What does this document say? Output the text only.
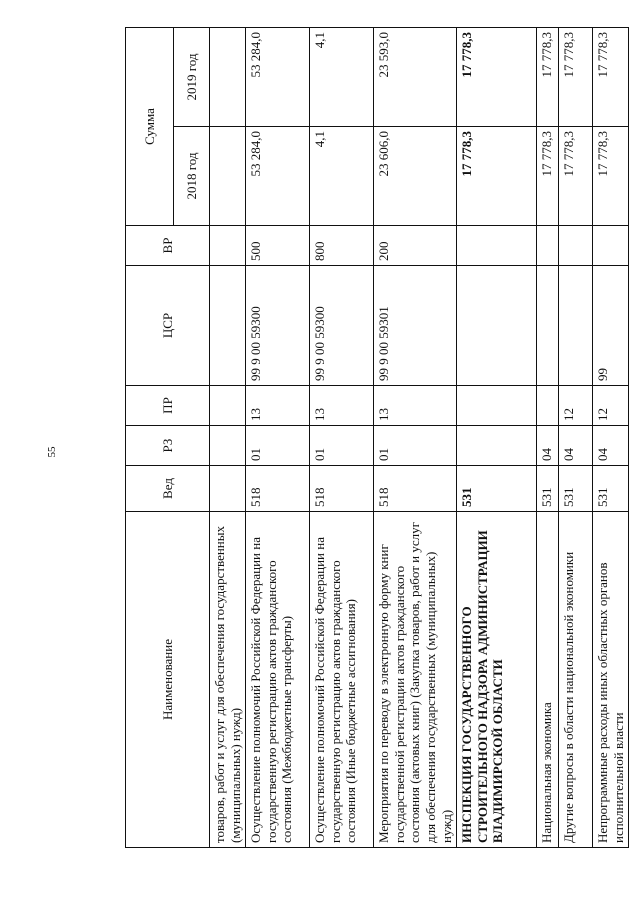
55
Наименование	Вед	РЗ	ПР	ЦСР	ВР	Сумма	
						2018 год	2019 год
товаров, работ и услуг для обеспечения государственных (муниципальных) нужд)							
Осуществление полномочий Российской Федерации на государственную регистрацию актов гражданского состояния (Межбюджетные трансферты)	518	01	13	99 9 00 59300	500	53 284,0	53 284,0
Осуществление полномочий Российской Федерации на государственную регистрацию актов гражданского состояния (Иные бюджетные ассигнования)	518	01	13	99 9 00 59300	800	4,1	4,1
Мероприятия по переводу в электронную форму книг государственной регистрации актов гражданского состояния (актовых книг) (Закупка товаров, работ и услуг для обеспечения государственных (муниципальных) нужд)	518	01	13	99 9 00 59301	200	23 606,0	23 593,0
ИНСПЕКЦИЯ ГОСУДАРСТВЕННОГО СТРОИТЕЛЬНОГО НАДЗОРА АДМИНИСТРАЦИИ ВЛАДИМИРСКОЙ ОБЛАСТИ	531					17 778,3	17 778,3
Национальная экономика	531	04				17 778,3	17 778,3
Другие вопросы в области национальной экономики	531	04	12			17 778,3	17 778,3
Непрограммные расходы иных областных органов исполнительной власти	531	04	12	99		17 778,3	17 778,3
